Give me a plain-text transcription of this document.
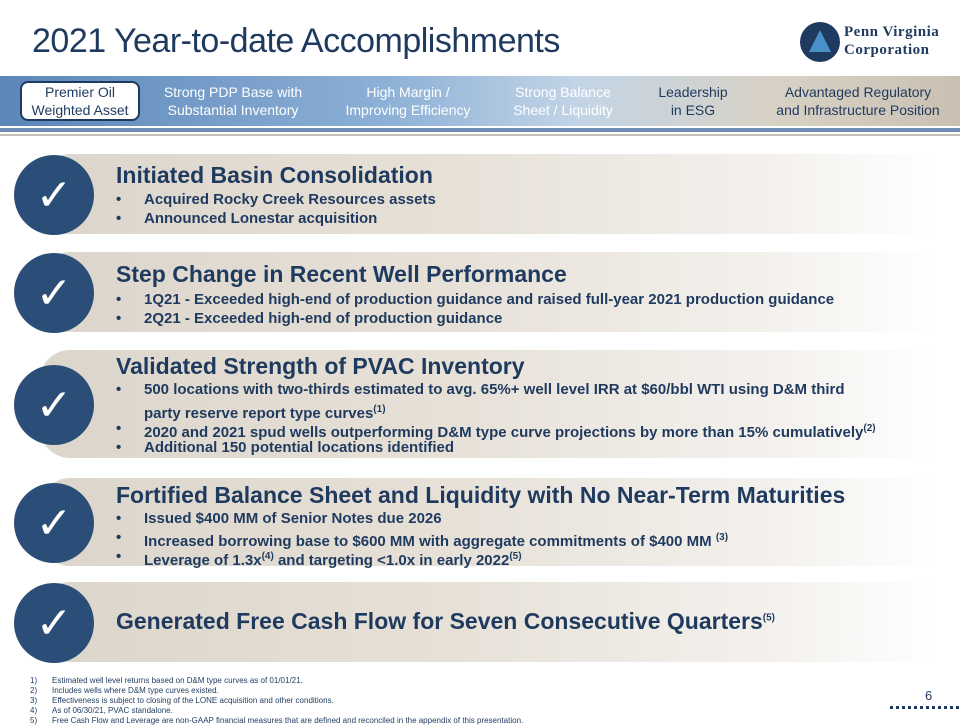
2021 Year-to-date Accomplishments	Penn Virginia
Corporation
Premier Oil
Weighted Asset
Strong PDP Base with
Substantial Inventory
High Margin /
Improving Efficiency
Strong Balance
Sheet / Liquidity
Leadership
in ESG
Advantaged Regulatory
and Infrastructure Position
✓	Initiated Basin Consolidation
• Acquired Rocky Creek Resources assets
• Announced Lonestar acquisition
✓	Step Change in Recent Well Performance
• 1Q21 - Exceeded high-end of production guidance and raised full-year 2021 production guidance
• 2Q21 - Exceeded high-end of production guidance
✓
Validated Strength of PVAC Inventory
• 500 locations with two-thirds estimated to avg. 65%+ well level IRR at $60/bbl WTI using D&M third
party reserve report type curves$^{(1)}$
• 2020 and 2021 spud wells outperforming D&M type curve projections by more than 15% cumulatively$^{(2)}$
• Additional 150 potential locations identified
✓
Fortified Balance Sheet and Liquidity with No Near-Term Maturities
• Issued $400 MM of Senior Notes due 2026
• Increased borrowing base to $600 MM with aggregate commitments of $400 MM $^{(3)}$
• Leverage of $1.3x^{(4)}$ and targeting <1.0x in early 2022$^{(5)}$
✓	Generated Free Cash Flow for Seven Consecutive Quarters$^{(5)}$
1) Estimated well level returns based on D&M type curves as of 01/01/21.
2) Includes wells where D&M type curves existed.
3) Effectiveness is subject to closing of the LONE acquisition and other conditions.
4) As of 06/30/21, PVAC standalone.
5) Free Cash Flow and Leverage are non-GAAP financial measures that are defined and reconciled in the appendix of this presentation.
6
